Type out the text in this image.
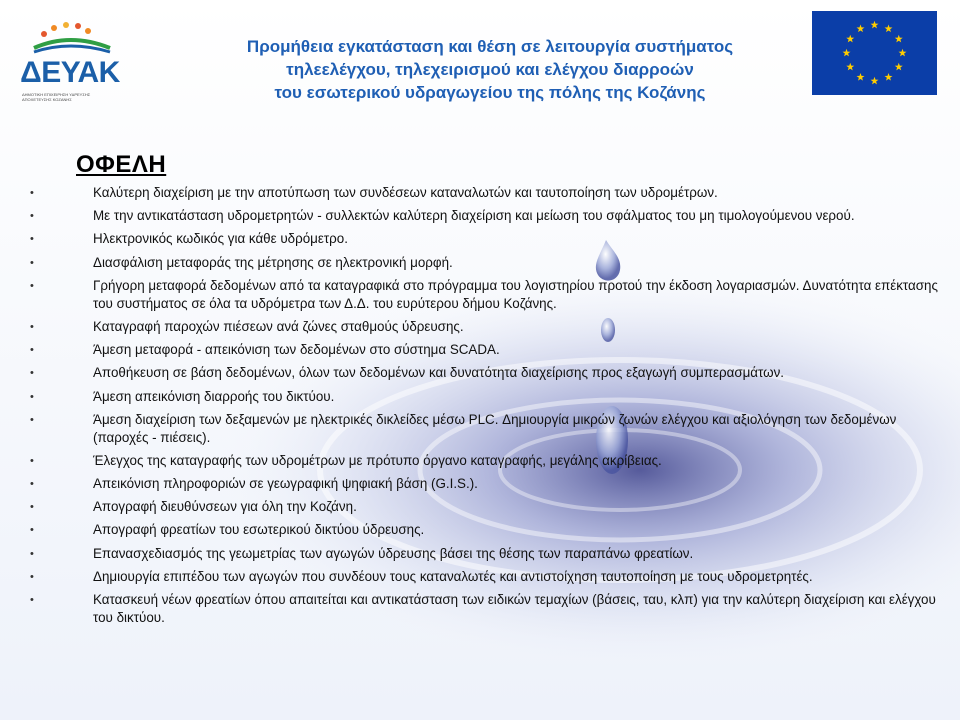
ΔΕΥΑΚ
ΔΗΜΟΤΙΚΗ ΕΠΙΧΕΙΡΗΣΗ ΥΔΡΕΥΣΗΣ ΑΠΟΧΕΤΕΥΣΗΣ ΚΟΖΑΝΗΣ
Προμήθεια εγκατάσταση και θέση σε λειτουργία συστήματος
τηλεελέγχου, τηλεχειρισμού και ελέγχου διαρροών
του εσωτερικού υδραγωγείου της πόλης της Κοζάνης
ΟΦΕΛΗ
•	Καλύτερη διαχείριση με την αποτύπωση των συνδέσεων καταναλωτών και ταυτοποίηση των υδρομέτρων.
•	Με την αντικατάσταση υδρομετρητών - συλλεκτών καλύτερη διαχείριση και μείωση του σφάλματος του μη τιμολογούμενου νερού.
•	Ηλεκτρονικός κωδικός για κάθε υδρόμετρο.
•	Διασφάλιση μεταφοράς της μέτρησης σε ηλεκτρονική μορφή.
•	Γρήγορη μεταφορά δεδομένων από τα καταγραφικά στο πρόγραμμα του λογιστηρίου προτού την έκδοση λογαριασμών. Δυνατότητα επέκτασης του συστήματος σε όλα τα υδρόμετρα των Δ.Δ. του ευρύτερου δήμου Κοζάνης.
•	Καταγραφή παροχών πιέσεων ανά ζώνες σταθμούς ύδρευσης.
•	Άμεση μεταφορά - απεικόνιση των δεδομένων στο σύστημα SCADA.
•	Αποθήκευση σε βάση δεδομένων, όλων των δεδομένων και δυνατότητα διαχείρισης προς εξαγωγή συμπερασμάτων.
•	Άμεση απεικόνιση διαρροής του δικτύου.
•	Άμεση διαχείριση των δεξαμενών με ηλεκτρικές δικλείδες μέσω PLC. Δημιουργία μικρών ζωνών ελέγχου και αξιολόγηση των δεδομένων (παροχές - πιέσεις).
•	Έλεγχος της καταγραφής των υδρομέτρων με πρότυπο όργανο καταγραφής, μεγάλης ακρίβειας.
•	Απεικόνιση πληροφοριών σε γεωγραφική ψηφιακή βάση (G.I.S.).
•	Απογραφή διευθύνσεων για όλη την Κοζάνη.
•	Απογραφή φρεατίων του εσωτερικού δικτύου ύδρευσης.
•	Επανασχεδιασμός της γεωμετρίας των αγωγών ύδρευσης βάσει της θέσης των παραπάνω φρεατίων.
•	Δημιουργία επιπέδου των αγωγών που συνδέουν τους καταναλωτές και αντιστοίχηση ταυτοποίηση με τους υδρομετρητές.
•	Κατασκευή νέων φρεατίων όπου απαιτείται και αντικατάσταση των ειδικών τεμαχίων (βάσεις, ταυ, κλπ) για την καλύτερη διαχείριση και ελέγχου του δικτύου.
